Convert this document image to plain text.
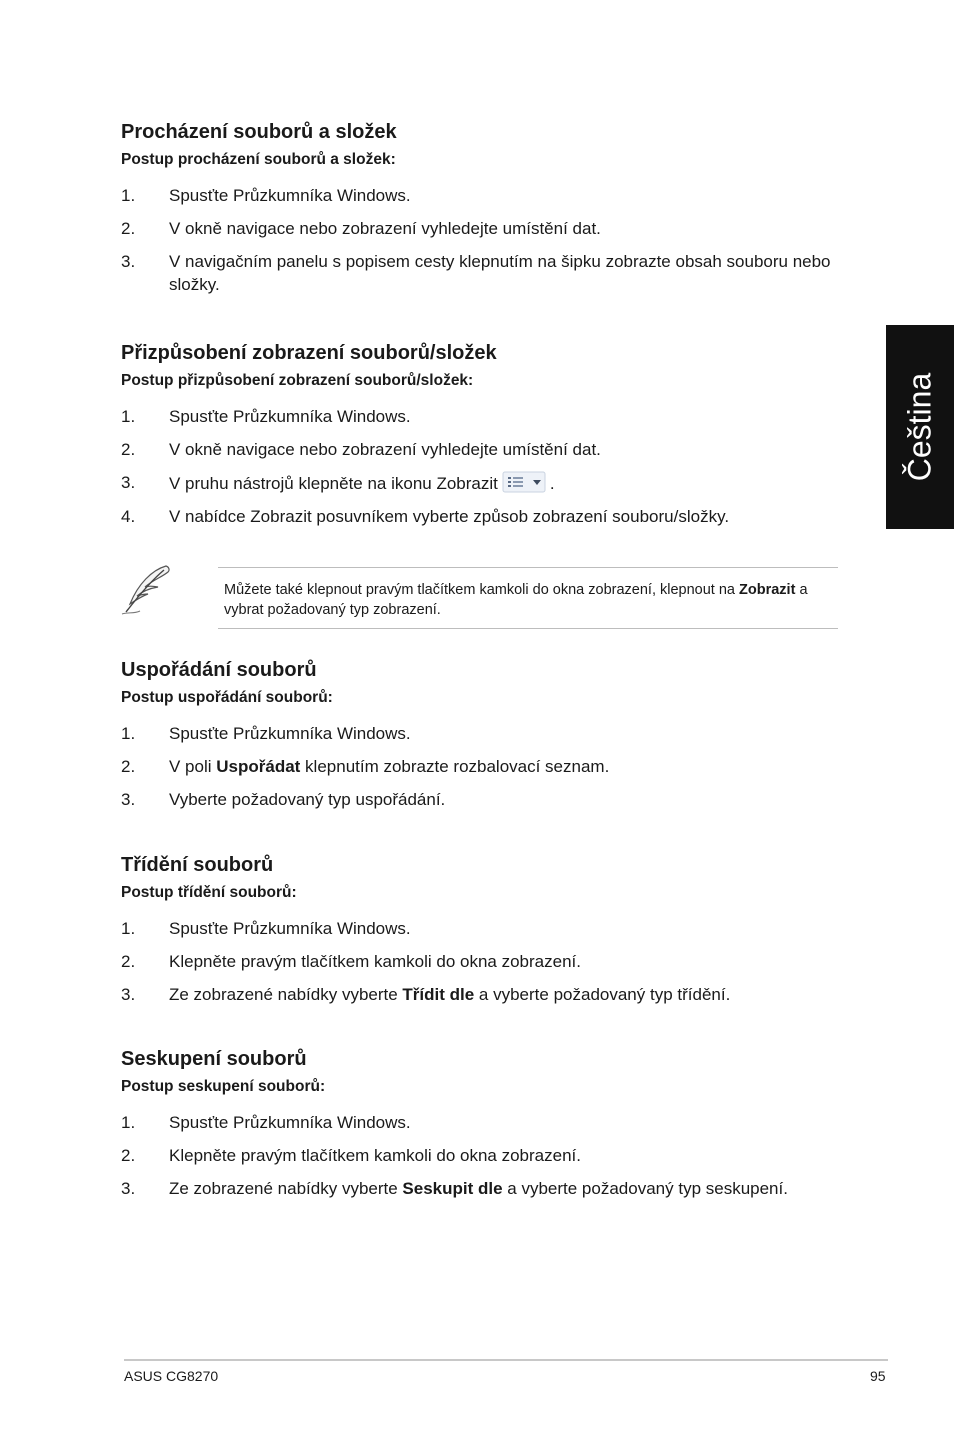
Čeština
Procházení souborů a složek

Postup procházení souborů a složek:

1. Spusťte Průzkumníka Windows.
2. V okně navigace nebo zobrazení vyhledejte umístění dat.
3. V navigačním panelu s popisem cesty klepnutím na šipku zobrazte obsah souboru nebo složky.
Přizpůsobení zobrazení souborů/složek

Postup přizpůsobení zobrazení souborů/složek:

1. Spusťte Průzkumníka Windows.
2. V okně navigace nebo zobrazení vyhledejte umístění dat.
3. V pruhu nástrojů klepněte na ikonu Zobrazit	.
4. V nabídce Zobrazit posuvníkem vyberte způsob zobrazení souboru/složky.

Můžete také klepnout pravým tlačítkem kamkoli do okna zobrazení, klepnout na Zobrazit a vybrat požadovaný typ zobrazení.

Uspořádání souborů

Postup uspořádání souborů:

1. Spusťte Průzkumníka Windows.
2. V poli Uspořádat klepnutím zobrazte rozbalovací seznam.
3. Vyberte požadovaný typ uspořádání.
Třídění souborů

Postup třídění souborů:

1. Spusťte Průzkumníka Windows.
2. Klepněte pravým tlačítkem kamkoli do okna zobrazení.
3. Ze zobrazené nabídky vyberte Třídit dle a vyberte požadovaný typ třídění.
Seskupení souborů

Postup seskupení souborů:

1. Spusťte Průzkumníka Windows.
2. Klepněte pravým tlačítkem kamkoli do okna zobrazení.
3. Ze zobrazené nabídky vyberte Seskupit dle a vyberte požadovaný typ seskupení.
ASUS CG8270	95
